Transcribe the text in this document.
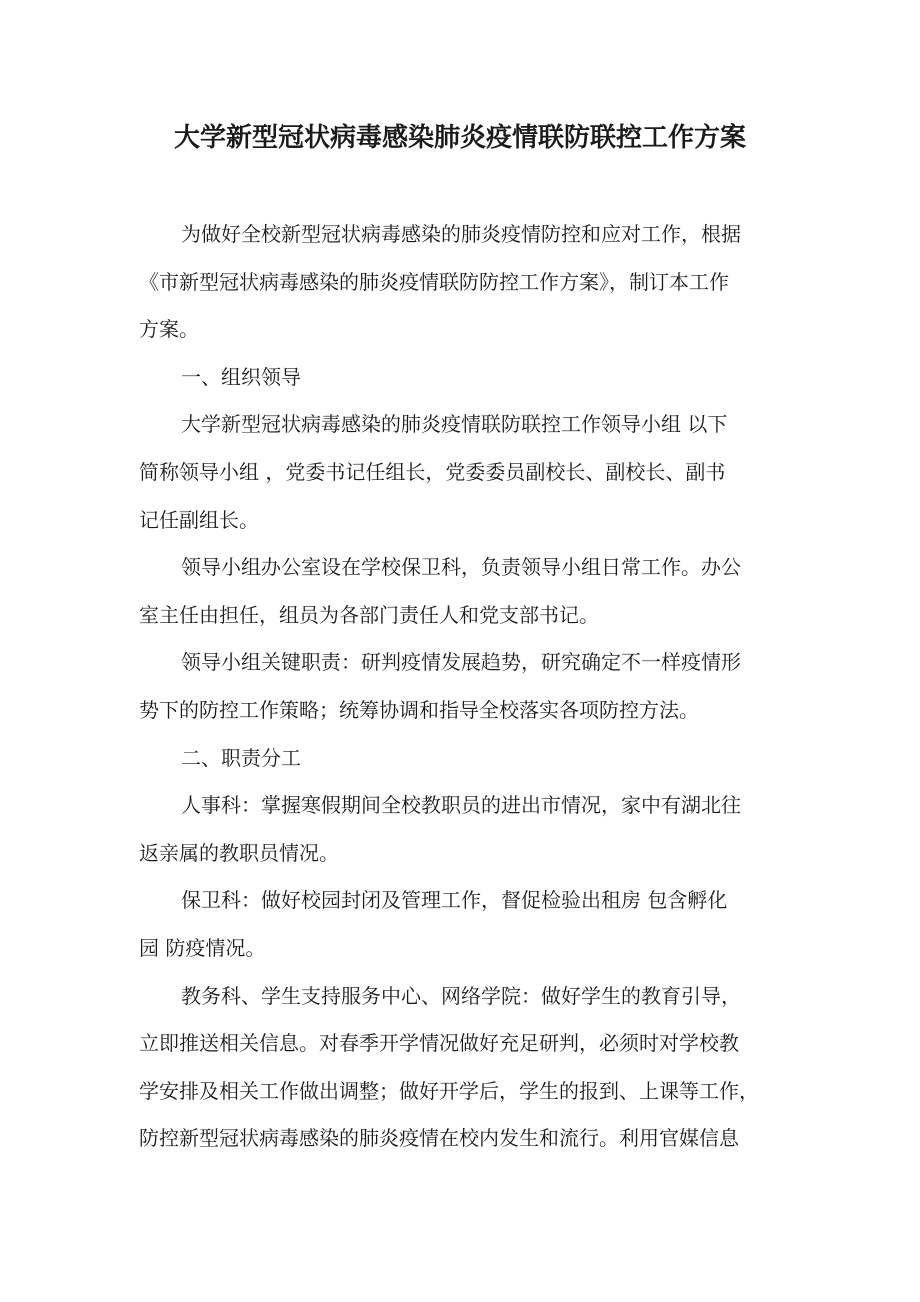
大学新型冠状病毒感染肺炎疫情联防联控工作方案
为做好全校新型冠状病毒感染的肺炎疫情防控和应对工作，根据
《市新型冠状病毒感染的肺炎疫情联防防控工作方案》，制订本工作
方案。
一、组织领导
大学新型冠状病毒感染的肺炎疫情联防联控工作领导小组 以下
简称领导小组 ，党委书记任组长，党委委员副校长、副校长、副书
记任副组长。
领导小组办公室设在学校保卫科，负责领导小组日常工作。办公
室主任由担任，组员为各部门责任人和党支部书记。
领导小组关键职责：研判疫情发展趋势，研究确定不一样疫情形
势下的防控工作策略；统筹协调和指导全校落实各项防控方法。
二、职责分工
人事科：掌握寒假期间全校教职员的进出市情况，家中有湖北往
返亲属的教职员情况。
保卫科：做好校园封闭及管理工作，督促检验出租房 包含孵化
园 防疫情况。
教务科、学生支持服务中心、网络学院：做好学生的教育引导，
立即推送相关信息。对春季开学情况做好充足研判，必须时对学校教
学安排及相关工作做出调整；做好开学后，学生的报到、上课等工作，
防控新型冠状病毒感染的肺炎疫情在校内发生和流行。利用官媒信息
